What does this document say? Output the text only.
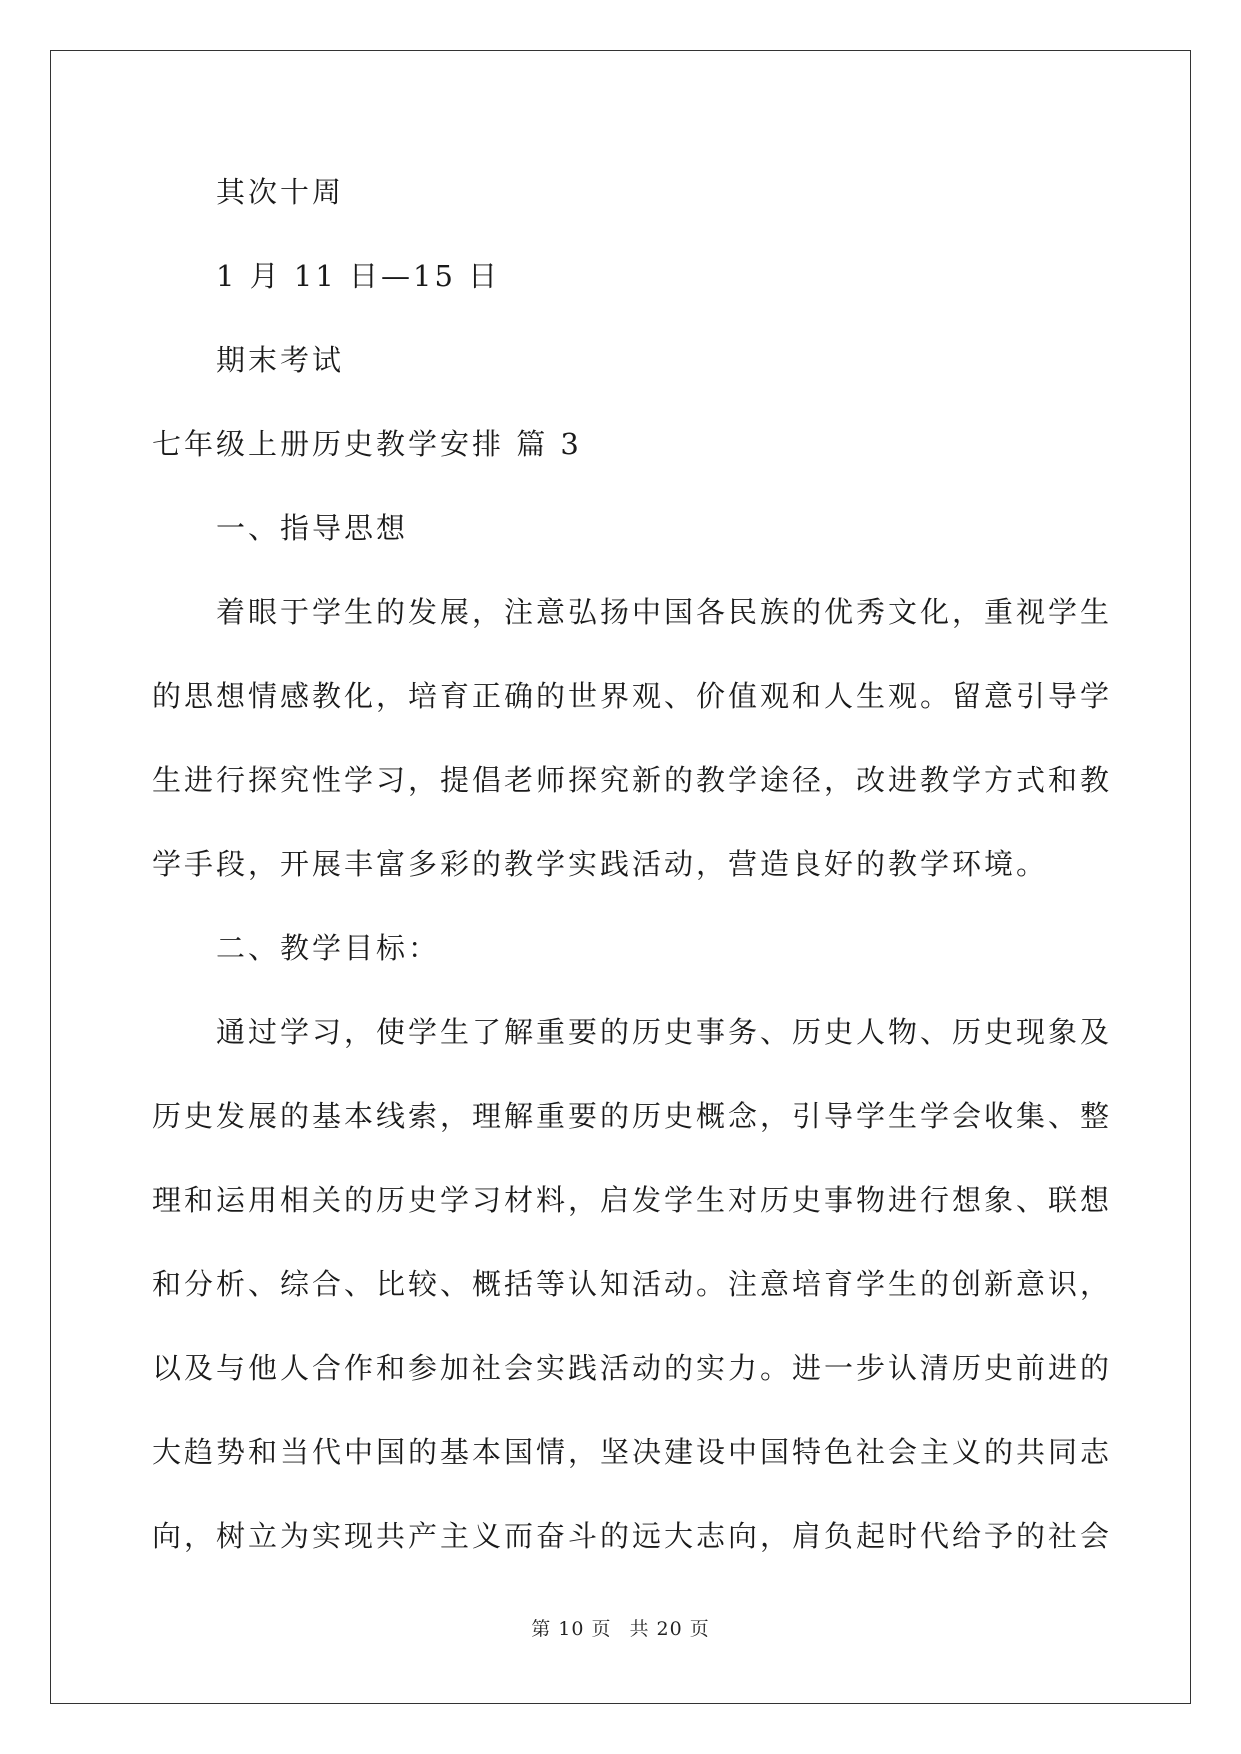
其次十周
1 月 11 日—15 日
期末考试
七年级上册历史教学安排 篇 3
一、指导思想
着眼于学生的发展，注意弘扬中国各民族的优秀文化，重视学生
的思想情感教化，培育正确的世界观、价值观和人生观。留意引导学
生进行探究性学习，提倡老师探究新的教学途径，改进教学方式和教
学手段，开展丰富多彩的教学实践活动，营造良好的教学环境。
二、教学目标：
通过学习，使学生了解重要的历史事务、历史人物、历史现象及
历史发展的基本线索，理解重要的历史概念，引导学生学会收集、整
理和运用相关的历史学习材料，启发学生对历史事物进行想象、联想
和分析、综合、比较、概括等认知活动。注意培育学生的创新意识，
以及与他人合作和参加社会实践活动的实力。进一步认清历史前进的
大趋势和当代中国的基本国情，坚决建设中国特色社会主义的共同志
向，树立为实现共产主义而奋斗的远大志向，肩负起时代给予的社会
第 10 页 共 20 页
